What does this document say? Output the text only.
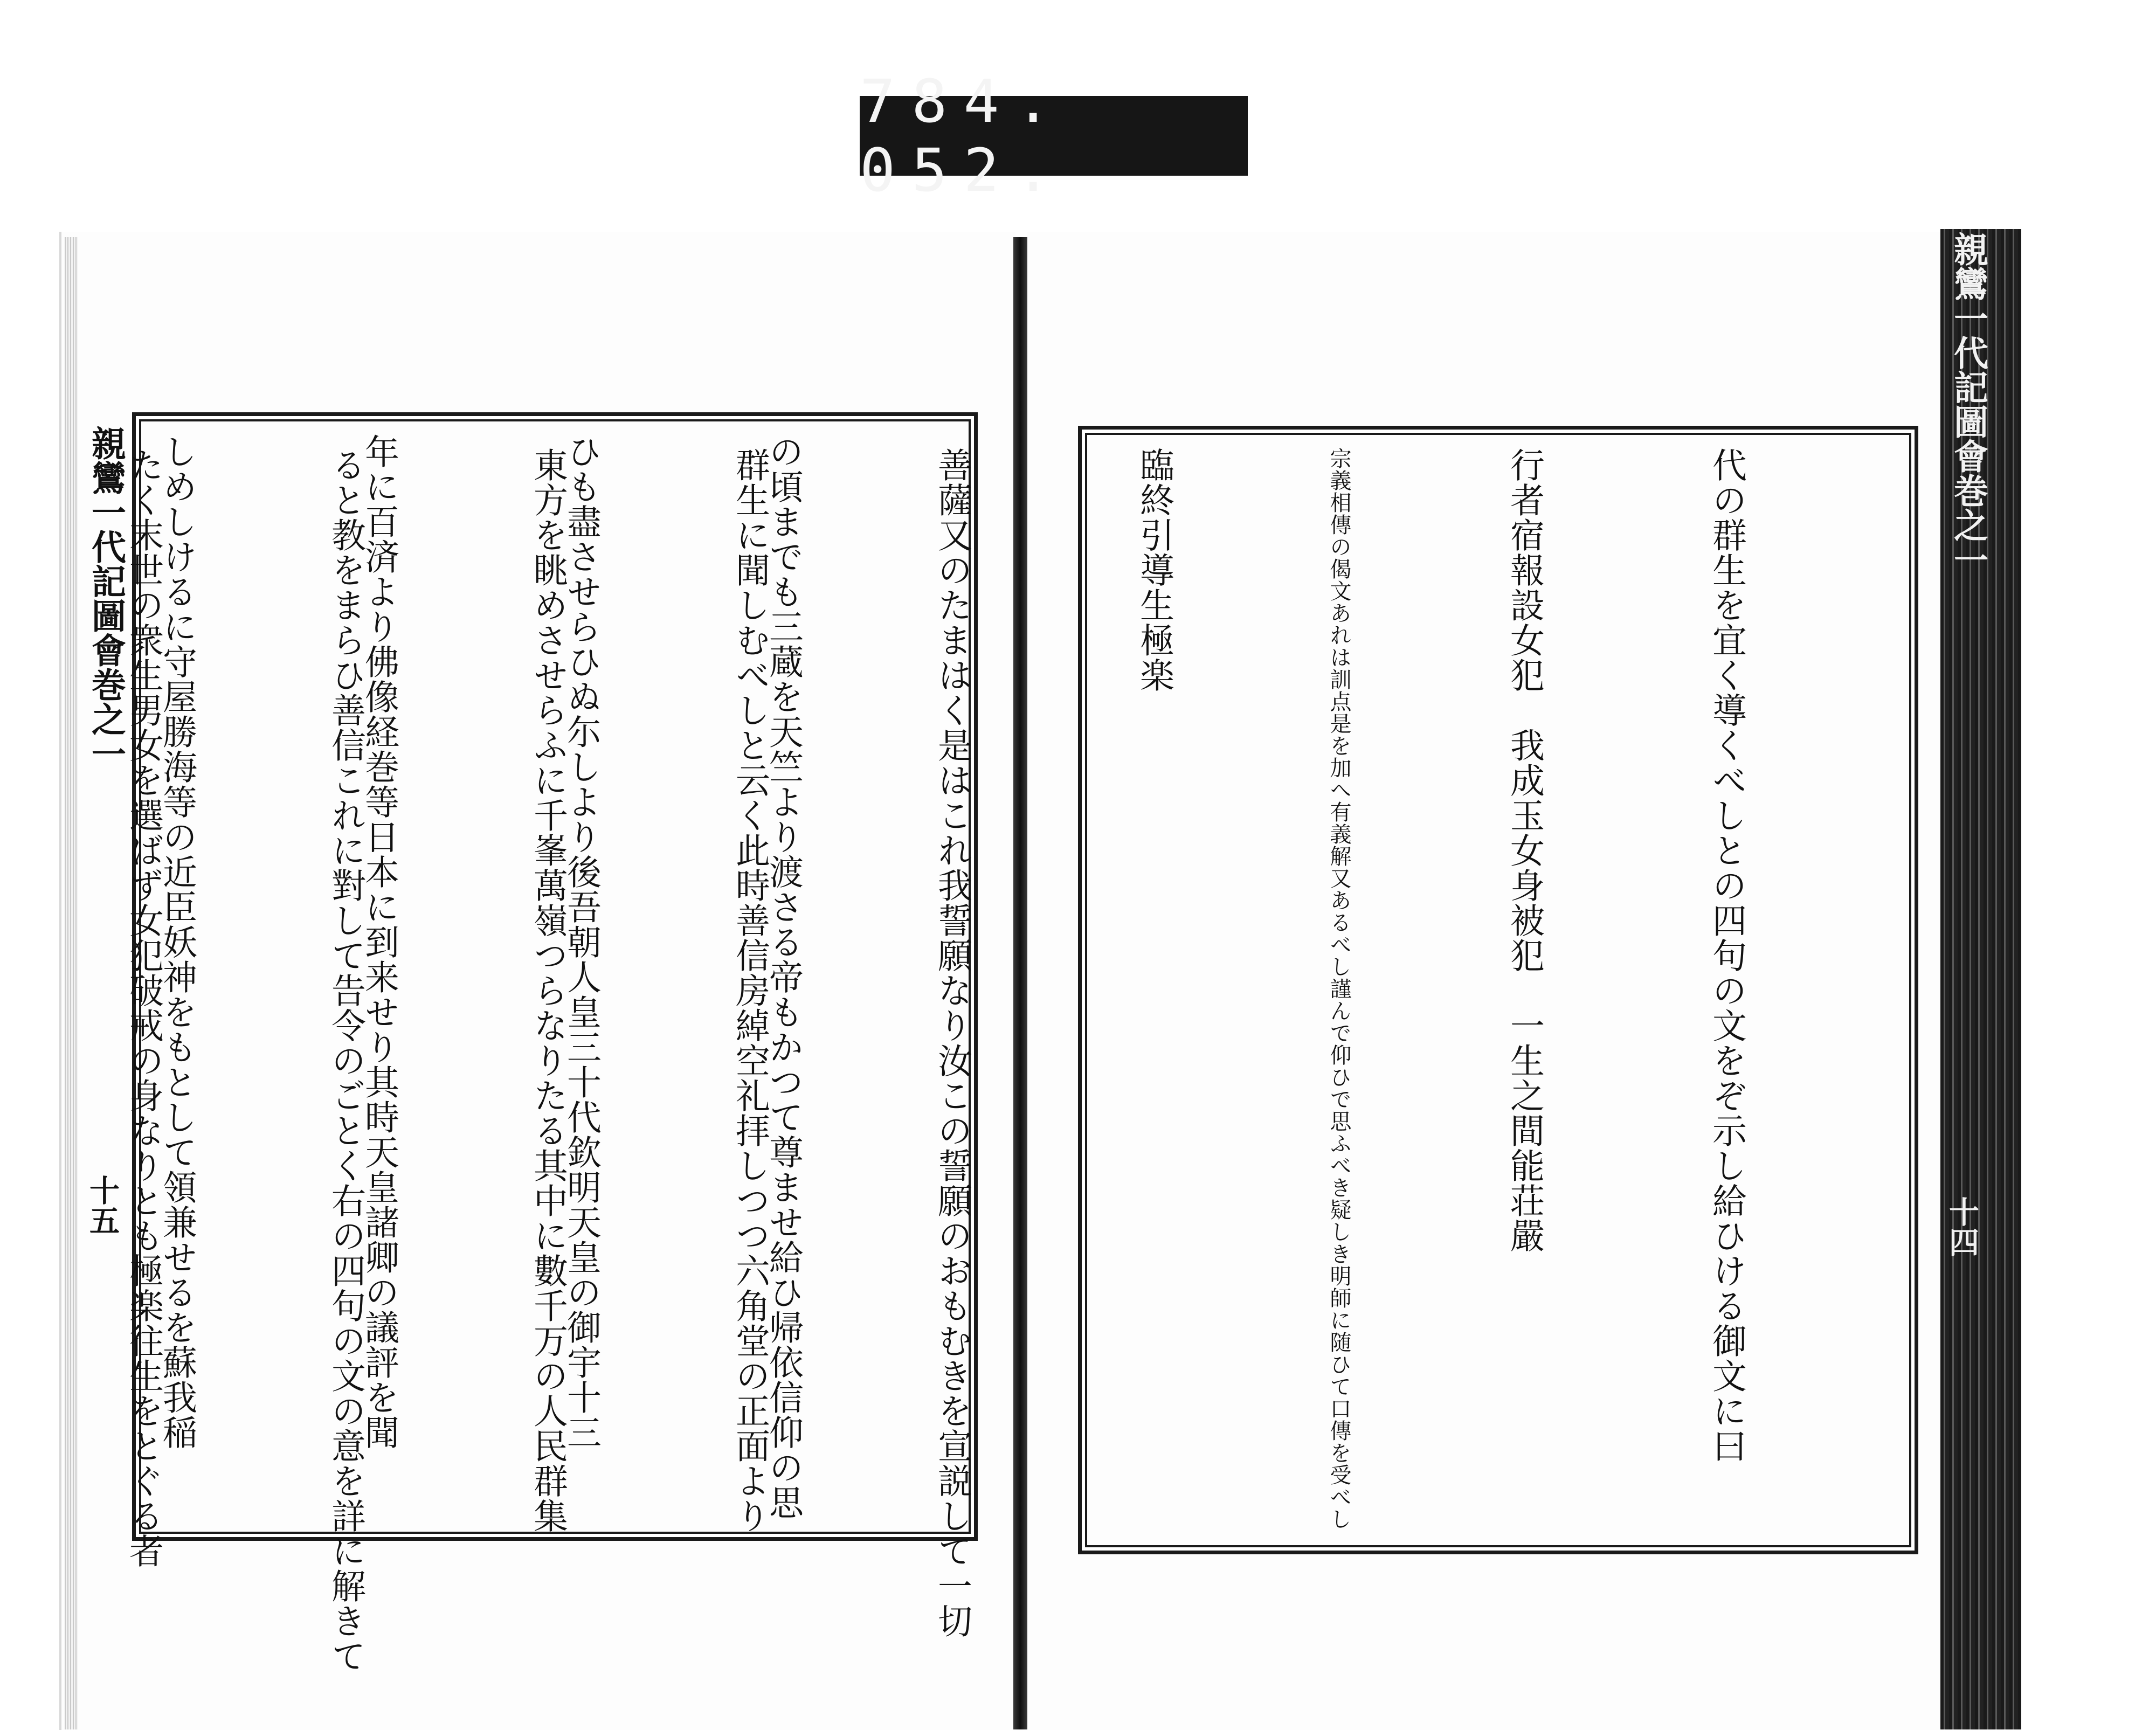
784. 052.
親鸞一代記圖會巻之一
十五

	の頃までも三蔵を天竺より渡さる帝もかつて尊ませ給ひ帰依信仰の思

ひも盡させらひぬ尓しより後吾朝人皇三十代欽明天皇の御宇十三

年に百済より佛像経巻等日本に到来せり其時天皇諸卿の議評を聞

しめしけるに守屋勝海等の近臣妖神をもとして領兼せるを蘇我稲

親鸞一代記圖會巻之一
十四

代の群生を宜く導くべしとの四句の文をぞ示し給ひける御文に曰

行者宿報設女犯　我成玉女身被犯　一生之間能荘嚴

宗義相傳の偈文あれは訓点是を加へ有義解又あるべし謹んで仰ひで思ふべき疑しき明師に随ひて口傳を受べし

臨終引導生極楽

善薩又のたまはく是はこれ我誓願なり汝この誓願のおもむきを宣説して一切

群生に聞しむべしと云く此時善信房綽空礼拝しつつ六角堂の正面より

東方を眺めさせらふに千峯萬嶺つらなりたる其中に數千万の人民群集

ると教をまらひ善信これに對して告令のごとく右の四句の文の意を詳に解きて

たく末世の衆生男女を選ばず女犯破戒の身なりとも極楽往生をとぐる者
